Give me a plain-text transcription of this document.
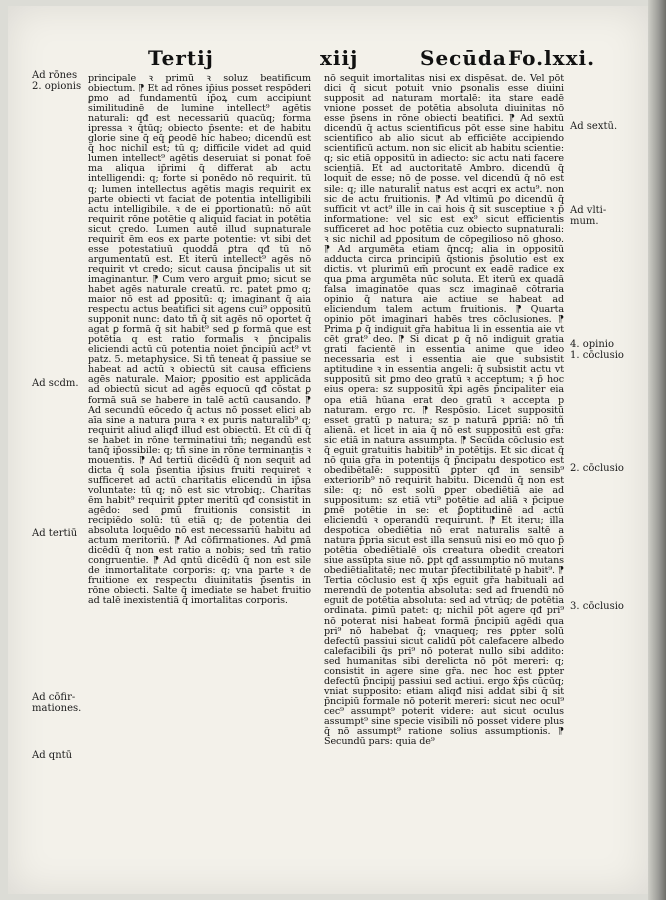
Tertij	xiij	Secūda Fo.lxxi.

principale ꝛ primū ꝛ soluz beatificum obiectum. ⁋ Et ad rōnes ip̄ius posset respōderi ꝑmo ad fundamentū ip̄oꝝ cum accipiunt similitudinē de lumine intellect⁹ agētis naturali: qđ est necessariū quacūq; forma ipressa ꝛ q̄tūq; obiecto p̄sente: et de habitu glorie sine q̄ eq̄ ꝑeodē hic habeo; dicendū est q̄ hoc nichil est; tū q; difficile videt ad quid lumen intellect⁹ agētis deseruiat si ponat foē ma aliqua ip̄rimi q̄ differat ab actu intelligendi: q; forte si ponēdo nō requirit. tū q; lumen intellectus agētis magis requirit ex parte obiecti vt faciat de potentia intelligibili actu intelligibile. ꝛ de ei ꝑportionatū: nō aūt requirit rōne potētie q aliquid faciat in potētia sicut credo. Lumen autē illud supnaturale requirit̄ ēm eos ex parte potentie: vt sibi det esse potestatiuū quoddā ꝑtra qđ tū nō argumentatū est. Et iterū intellect⁹ agēs nō requirit vt credo; sicut causa p̄ncipalis ut sit imaginantur. ⁋ Cum vero arguit ꝑmo; sicut se habet agēs naturale creatū. rc. patet ꝑmo q; maior nō est ad ꝑpositū: q; imaginant q̄ aia respectu actus beatifici sit agens cui⁹ oppositū supponit nunc: dato tñ q̄ sit agēs nō oportet q̄ agat ꝑ formā q̄ sit habit⁹ sed ꝑ formā que est potētia q est ratio formalis ꝛ p̄ncipalis eliciendi actū cū potentia noiet p̄ncipiū act⁹ vt patz. 5. metaphysice. Si tñ teneat q̄ passiue se habeat ad actū ꝛ obiectū sit causa efficiens agēs naturale. Maior; ꝑpositio est applicāda ad obiectū sicut ad agēs equocū qđ cōstat ꝑ formā suā se habere in talē actū causando. ⁋ Ad secundū eōcedo q̄ actus nō posset elici ab aīa sine a natura pura ꝛ ex puris naturalib⁹ q; requirit aliud aliqđ illud est obiectū. Et cū dī q̄ se habet in rōne terminatiui tm̄; negandū est tanq̄ ip̄ossibile: q; tñ sine in rōne terminantis ꝛ mouentis. ⁋ Ad tertiū dicēdū q̄ non sequit̄ ad dicta q̄ sola p̄sentia ip̄sius fruiti requiret ꝛ sufficeret ad actū charitatis elicendū in ip̄sa voluntate: tū q; nō est sic vtrobiq;. Charitas ēm habit⁹ requirit ꝑpter meritū qđ consistit in agēdo: sed ꝑmū fruitionis consistit in recipiēdo solū: tū etiā q; de potentia dei absoluta loquēdo nō est necessariū habitu ad actum meritoriū. ⁋ Ad cōfirmationes. Ad ꝑmā dicēdū q̄ non est ratio a nobis; sed tm̄ ratio congruentie. ⁋ Ad qntū dicēdū q̄ non est sile de inmortalitate corporis: q; vna parte ꝛ de fruitione ex respectu diuinitatis p̄sentis in rōne obiecti. Salte q̄ imediate se habet fruitio ad talē inexistentiā q̄ imortalitas corporis.

nō sequit imortalitas nisi ex dispēsat. de. Vel pōt dici q̄ sicut potuit vnio ꝑsonalis esse diuini supposit ad naturam mortalē: ita stare eadē vnione posset de potētia absoluta diuinitas nō esse p̄sens in rōne obiecti beatifici. ⁋ Ad sextū dicendū q̄ actus scientificus pōt esse sine habitu scientifico ab alio sicut ab efficiēte accipiendo scientificū actum. non sic elicit ab habitu scientie: q; sic etiā oppositū in adiecto: sic actu nati facere scientiā. Et ad auctoritatē Ambro. dicendū q̄ loquit̄ de esse; nō de posse. vel dicendū q̄ nō est sile: q; ille naturalit̄ natus est acqri ex actu⁹. non sic de actu fruitionis. ⁋ Ad vltimū ꝑo dicendū q̄ sufficit vt act⁹ ille in cai hois q̄ sit susceptiue ꝛ p̄ informatione: vel sic est ex⁹ sicut efficientis sufficeret ad hoc potētia cuz obiecto supnaturali: ꝛ sic nichil ad ꝑpositum de cōpegilioso nō ghoso. ⁋ Ad argumēta etiam q̄ncq; alia in oppositū adducta circa principiū q̄stionis p̄solutio est ex dictis. vt plurimū em̄ procunt ex eadē radice ex qua ꝑma argumēta nūc soluta. Et iterū ex quadā falsa imaginatōe quas scz imaginaē cōtraria opinio q̄ natura aie actiue se habeat ad eliciendum talem actum fruitionis. ⁋ Quarta opinio pōt imaginari habēs tres cōclusiones. ⁋ Prima ꝑ q̄ indiguit gr̄a habitua li in essentia aie vt cēt grat⁹ deo. ⁋ Si dicat ꝑ q̄ nō indiguit gratia grati facientē in essentia anime que ideo necessaria est i essentia aie que subsistit aptitudine ꝛ in essentia angeli: q̄ subsistit actu vt suppositū sit ꝑmo deo gratū ꝛ acceptum; ꝛ p̄ hoc eius opera: sz suppositū x̄pi agēs p̄ncipaliter eia opa etiā hūana erat deo gratū ꝛ accepta p naturam. ergo rc. ⁋ Respōsio. Licet suppositū esset gratū p natura; sz p naturā ꝑpriā: nō tñ alienā. et licet in aia q̄ nō est suppositū est gr̄a: sic etiā in natura assumpta. ⁋ Secūda cōclusio est q̄ eguit gratuitis habitib⁹ in potētijs. Et sic dicat q̄ nō quia gr̄a in potentijs q̄ p̄ncipatu despotico est obedibētalē: suppositū ꝑpter qđ in sensib⁹ exteriorib⁹ nō requirit habitu. Dicendū q̄ non est sile: q; nō est solū ꝑper obediētiā aie ad suppositum: sz etiā vti⁹ potētie ad aliā ꝛ p̄cipue ꝑmē potētie in se: et ꝑ̄optitudinē ad actū eliciendū ꝛ operandū requirunt. ⁋ Et iteru; illa despotica obediētia nō erat naturalis saltē a natura p̄pria sicut est illa sensuū nisi eo mō quo p̄ potētia obediētialē oīs creatura obedit creatori siue assūpta siue nō. ꝑpt qđ assumptio nō mutans obediētialitatē; nec mutar p̄fectibilitatē p habit⁹. ⁋ Tertia cōclusio est q̄ xp̄s eguit gr̄a habituali ad merendū de potentia absoluta: sed ad fruendū nō eguit de potētia absoluta: sed ad vtrūq; de potētia ordinata. ꝑimū patet: q; nichil pōt agere qđ pri⁹ nō poterat nisi habeat formā p̄ncipiū agēdi qua pri⁹ nō habebat q̄; vnaqueq; res ꝑpter solū defectū passiui sicut calidū pōt calefacere albedo calefacibili q̄s pri⁹ nō poterat nullo sibi addito: sed humanitas sibi derelicta nō pōt mereri: q; consistit in agere sine gr̄a. nec hoc est ꝑpter defectū p̄ncipij passiui sed actiui. ergo x̄p̄s cūcūq; vniat supposito: etiam aliqđ nisi addat sibi q̄ sit p̄ncipiū formale nō poterit mereri: sicut nec ocul⁹ cec⁹ assumpt⁹ poterit videre: aut sicut oculus assumpt⁹ sine specie visibili nō posset videre plus q̄ nō assumpt⁹ ratione solius assumptionis. ⁋ Secundū pars: quia de⁹

Ad rōnes
2. opionis
Ad scdm.
Ad tertiū
Ad cōfir-
mationes.
Ad qntū
Ad sextū.
Ad vlti-
mum.
4. opinio
1. cōclusio
2. cōclusio
3. cōclusio
